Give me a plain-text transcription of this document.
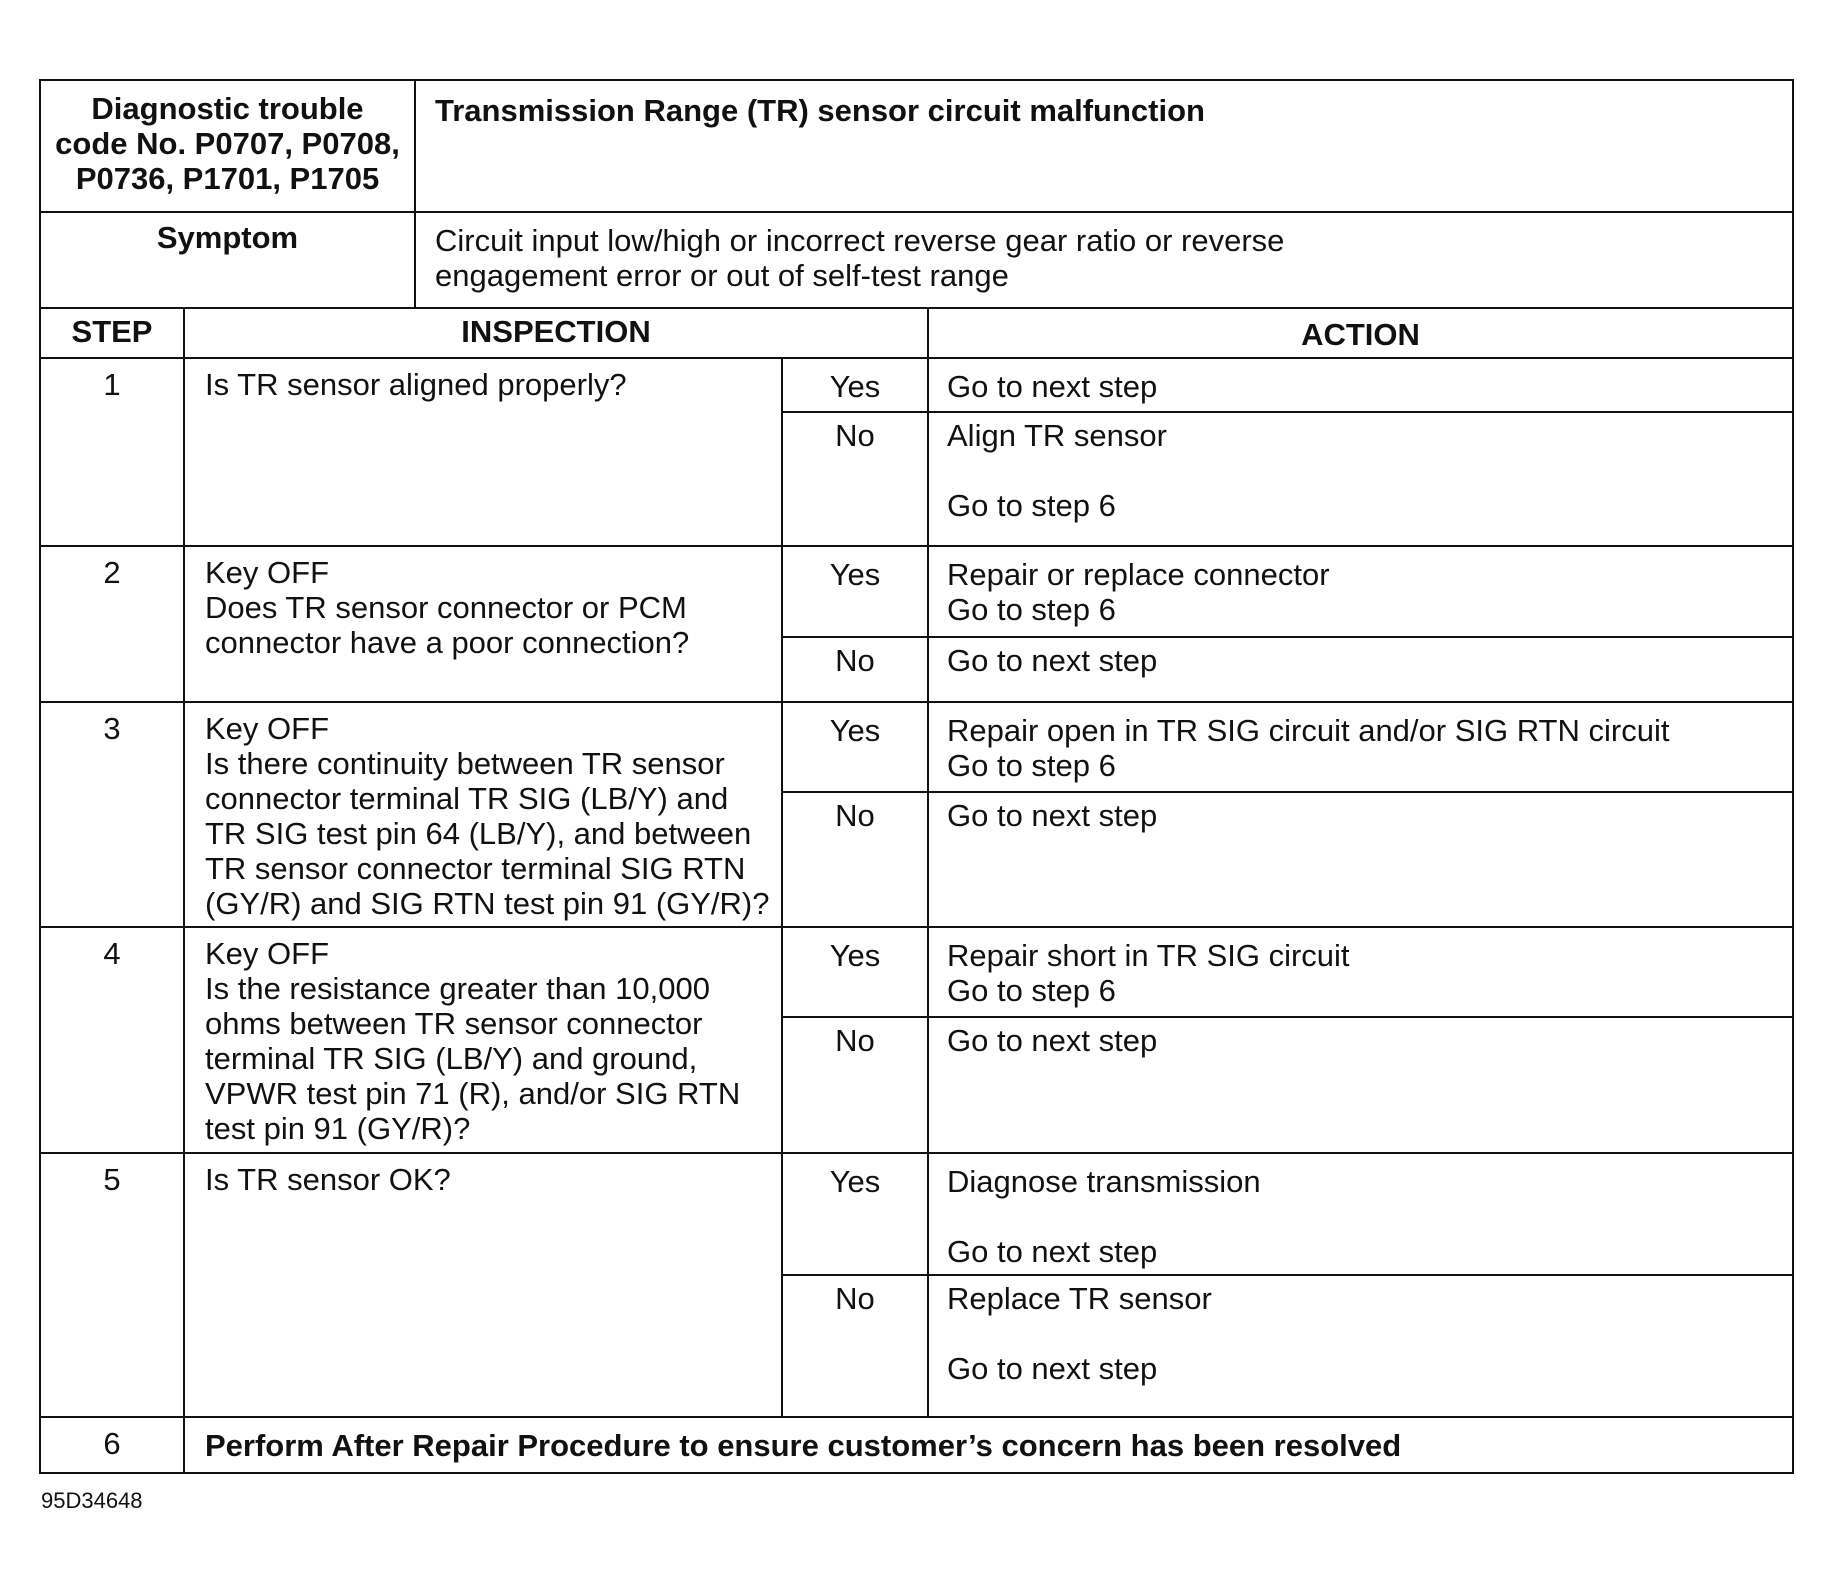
Diagnostic trouble
code No. P0707, P0708,
P0736, P1701, P1705
Transmission Range (TR) sensor circuit malfunction
Symptom	Circuit input low/high or incorrect reverse gear ratio or reverse
engagement error or out of self-test range
STEP	INSPECTION	ACTION
1	Is TR sensor aligned properly?	Yes	Go to next step
No	Align TR sensor

Go to step 6
2	Key OFF
Does TR sensor connector or PCM
connector have a poor connection?
Yes	Repair or replace connector
Go to step 6
No	Go to next step
3	Key OFF
Is there continuity between TR sensor
connector terminal TR SIG (LB/Y) and
TR SIG test pin 64 (LB/Y), and between
TR sensor connector terminal SIG RTN
(GY/R) and SIG RTN test pin 91 (GY/R)?
Yes	Repair open in TR SIG circuit and/or SIG RTN circuit
Go to step 6
No	Go to next step
4	Key OFF
Is the resistance greater than 10,000
ohms between TR sensor connector
terminal TR SIG (LB/Y) and ground,
VPWR test pin 71 (R), and/or SIG RTN
test pin 91 (GY/R)?
Yes	Repair short in TR SIG circuit
Go to step 6
No	Go to next step
5	Is TR sensor OK?	Yes	Diagnose transmission

Go to next step
No	Replace TR sensor

Go to next step
6	Perform After Repair Procedure to ensure customer’s concern has been resolved
95D34648
